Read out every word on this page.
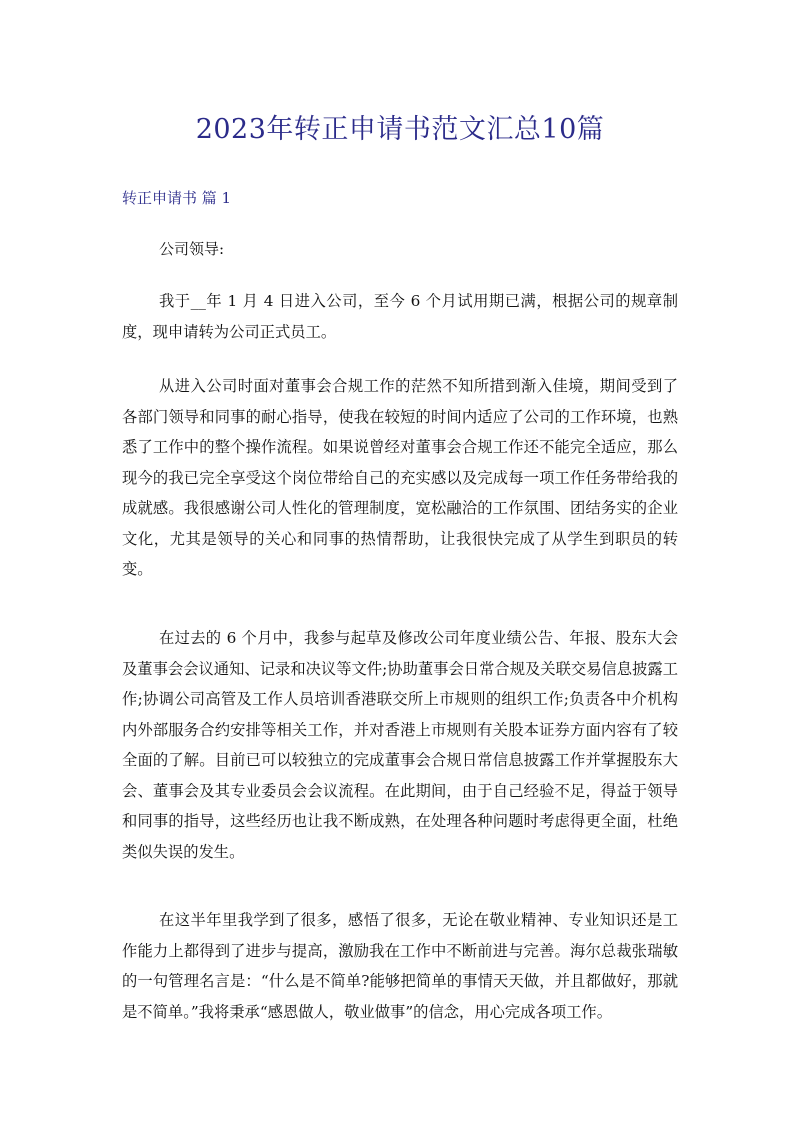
2023年转正申请书范文汇总10篇
转正申请书 篇 1

公司领导:

我于__年 1 月 4 日进入公司，至今 6 个月试用期已满，根据公司的规章制度，现申请转为公司正式员工。

从进入公司时面对董事会合规工作的茫然不知所措到渐入佳境，期间受到了各部门领导和同事的耐心指导，使我在较短的时间内适应了公司的工作环境，也熟悉了工作中的整个操作流程。如果说曾经对董事会合规工作还不能完全适应，那么现今的我已完全享受这个岗位带给自己的充实感以及完成每一项工作任务带给我的成就感。我很感谢公司人性化的管理制度，宽松融洽的工作氛围、团结务实的企业文化，尤其是领导的关心和同事的热情帮助，让我很快完成了从学生到职员的转变。

在过去的 6 个月中，我参与起草及修改公司年度业绩公告、年报、股东大会及董事会会议通知、记录和决议等文件;协助董事会日常合规及关联交易信息披露工作;协调公司高管及工作人员培训香港联交所上市规则的组织工作;负责各中介机构内外部服务合约安排等相关工作，并对香港上市规则有关股本证券方面内容有了较全面的了解。目前已可以较独立的完成董事会合规日常信息披露工作并掌握股东大会、董事会及其专业委员会会议流程。在此期间，由于自己经验不足，得益于领导和同事的指导，这些经历也让我不断成熟，在处理各种问题时考虑得更全面，杜绝类似失误的发生。

在这半年里我学到了很多，感悟了很多，无论在敬业精神、专业知识还是工作能力上都得到了进步与提高，激励我在工作中不断前进与完善。海尔总裁张瑞敏的一句管理名言是：“什么是不简单?能够把简单的事情天天做，并且都做好，那就是不简单。”我将秉承“感恩做人，敬业做事”的信念，用心完成各项工作。
